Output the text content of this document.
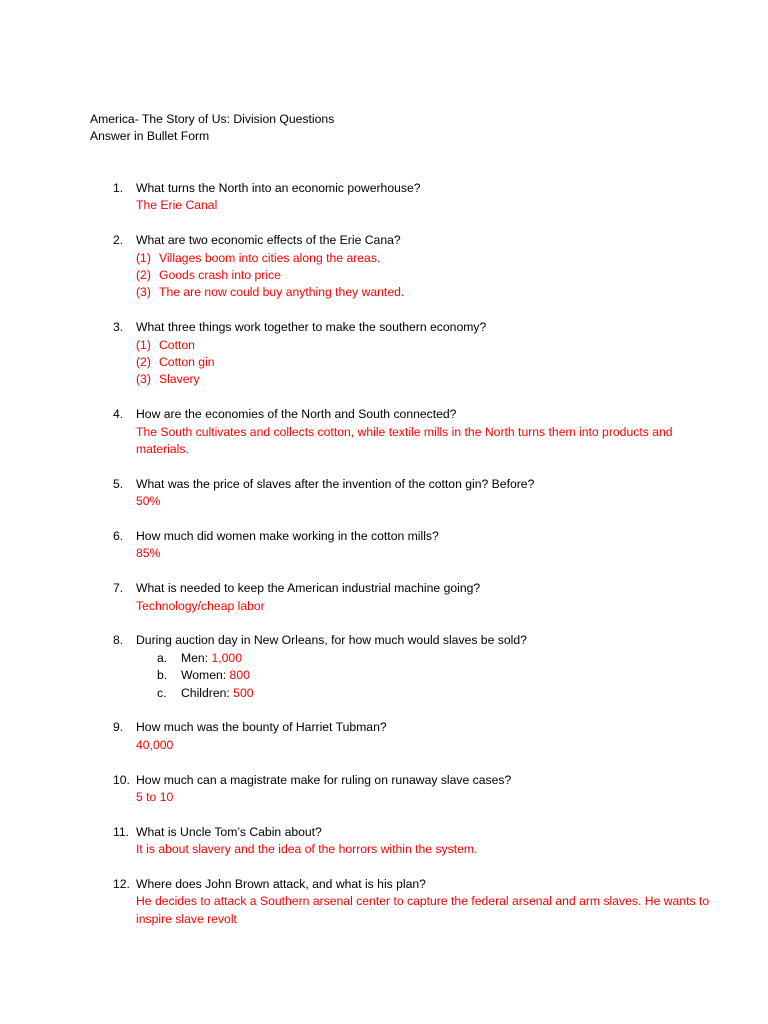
America- The Story of Us: Division Questions
Answer in Bullet Form
1. What turns the North into an economic powerhouse?
The Erie Canal
2. What are two economic effects of the Erie Cana?
(1) Villages boom into cities along the areas.
(2) Goods crash into price
(3) The are now could buy anything they wanted.
3. What three things work together to make the southern economy?
(1) Cotton
(2) Cotton gin
(3) Slavery
4. How are the economies of the North and South connected?
The South cultivates and collects cotton, while textile mills in the North turns them into products and materials.
5. What was the price of slaves after the invention of the cotton gin? Before?
50%
6. How much did women make working in the cotton mills?
85%
7. What is needed to keep the American industrial machine going?
Technology/cheap labor
8. During auction day in New Orleans, for how much would slaves be sold?
a. Men: 1,000
b. Women: 800
c. Children: 500
9. How much was the bounty of Harriet Tubman?
40,000
10. How much can a magistrate make for ruling on runaway slave cases?
5 to 10
11. What is Uncle Tom’s Cabin about?
It is about slavery and the idea of the horrors within the system.
12. Where does John Brown attack, and what is his plan?
He decides to attack a Southern arsenal center to capture the federal arsenal and arm slaves. He wants to inspire slave revolt
